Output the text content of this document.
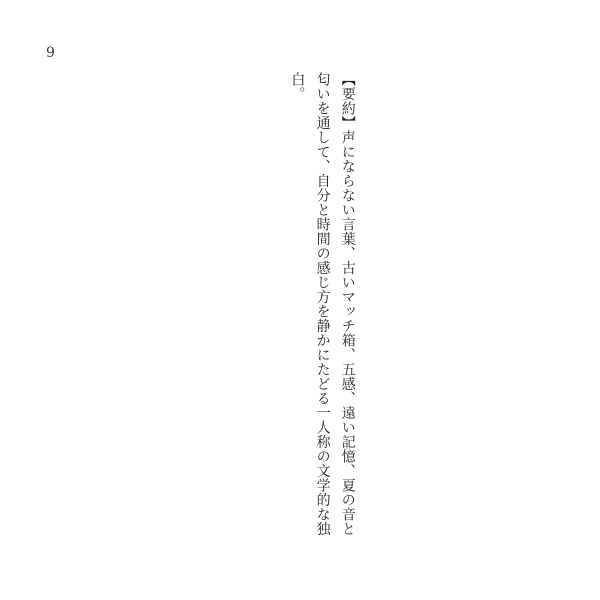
9
【要約】声にならない言葉、古いマッチ箱、五感、遠い記憶、夏の音と匂いを通して、自分と時間の感じ方を静かにたどる一人称の文学的な独白。
